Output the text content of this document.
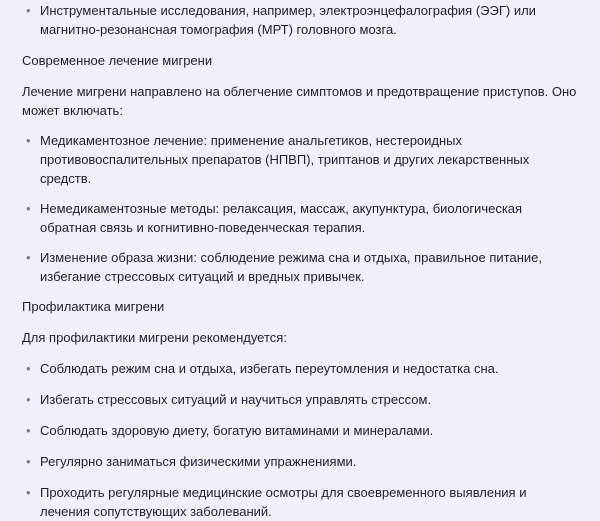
• Инструментальные исследования, например, электроэнцефалография (ЭЭГ) или магнитно-резонансная томография (МРТ) головного мозга.

Современное лечение мигрени

Лечение мигрени направлено на облегчение симптомов и предотвращение приступов. Оно может включать:

• Медикаментозное лечение: применение анальгетиков, нестероидных противовоспалительных препаратов (НПВП), триптанов и других лекарственных средств.
• Немедикаментозные методы: релаксация, массаж, акупунктура, биологическая обратная связь и когнитивно-поведенческая терапия.
• Изменение образа жизни: соблюдение режима сна и отдыха, правильное питание, избегание стрессовых ситуаций и вредных привычек.

Профилактика мигрени

Для профилактики мигрени рекомендуется:

• Соблюдать режим сна и отдыха, избегать переутомления и недостатка сна.
• Избегать стрессовых ситуаций и научиться управлять стрессом.
• Соблюдать здоровую диету, богатую витаминами и минералами.
• Регулярно заниматься физическими упражнениями.
• Проходить регулярные медицинские осмотры для своевременного выявления и лечения сопутствующих заболеваний.
